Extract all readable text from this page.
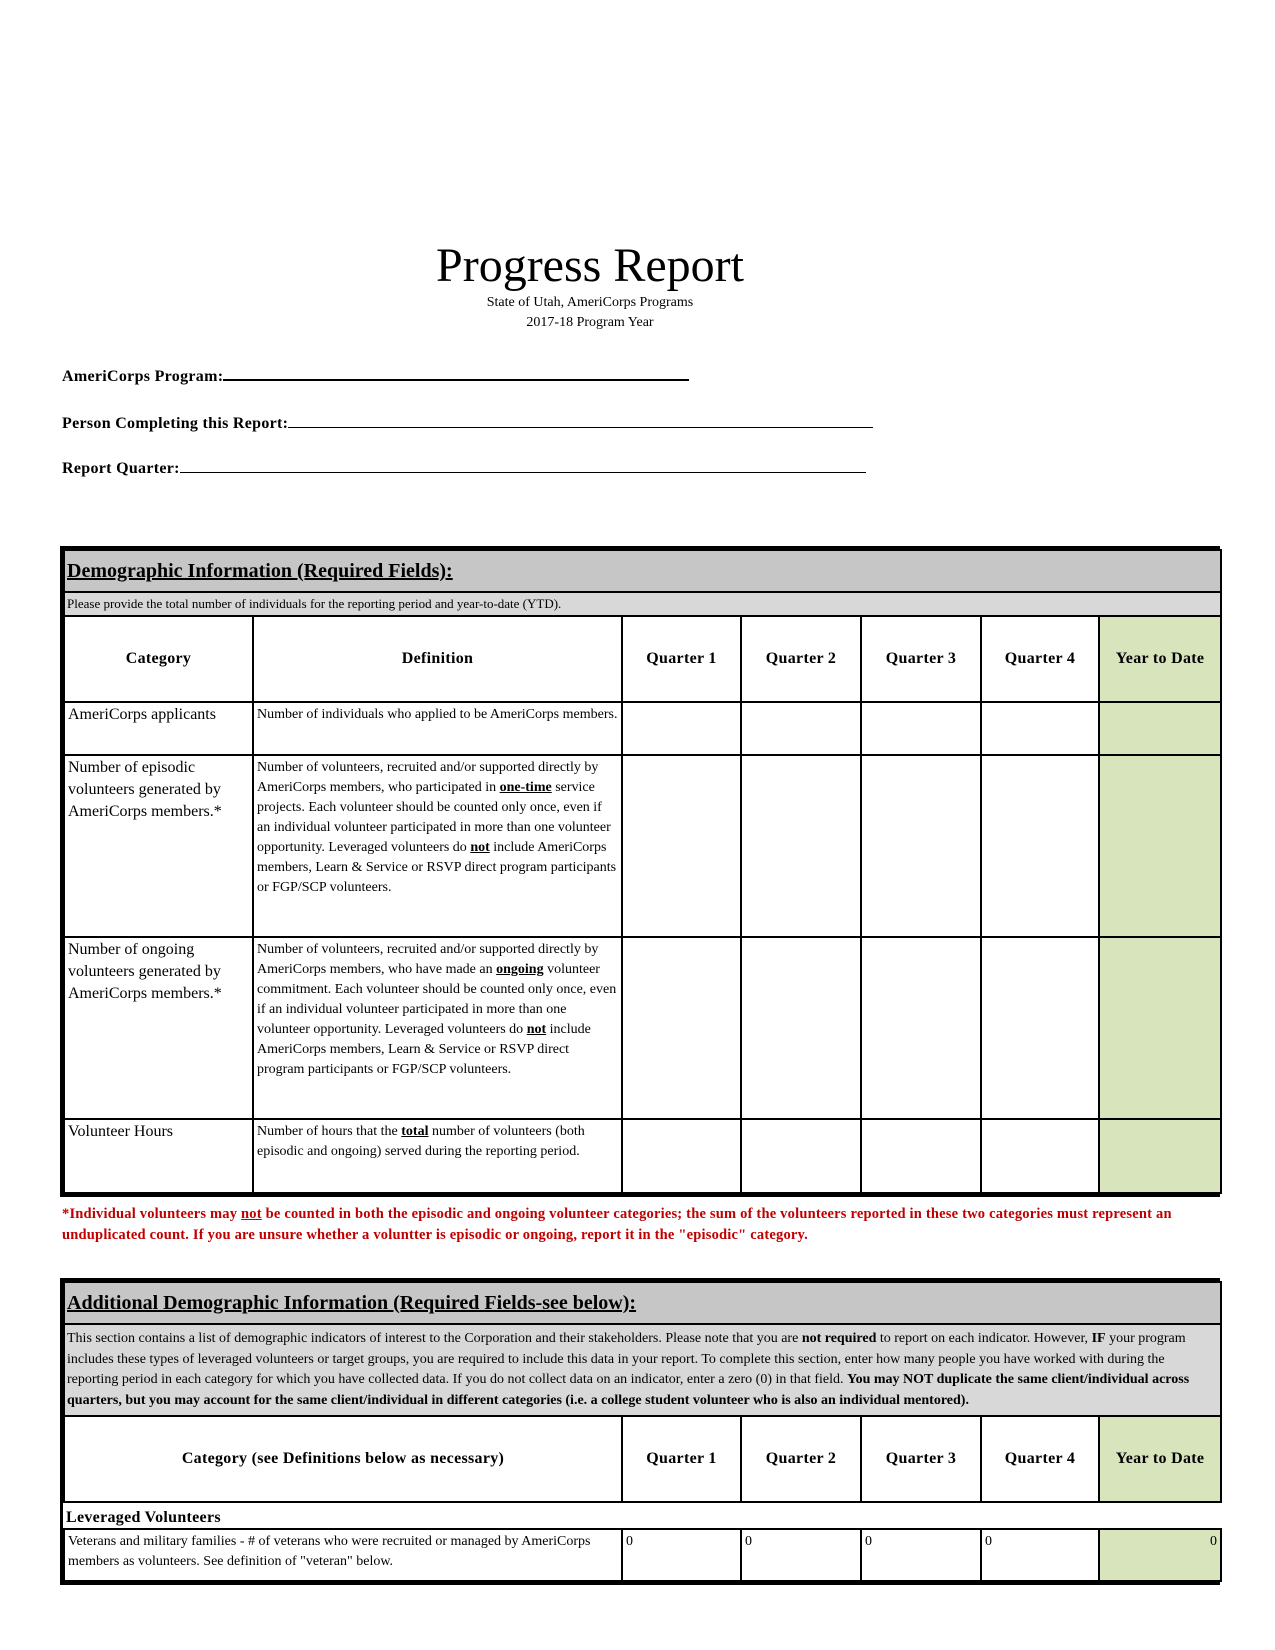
Progress Report
State of Utah, AmeriCorps Programs
2017-18 Program Year
AmeriCorps Program:
Person Completing this Report:
Report Quarter:
Demographic Information (Required Fields):						
Please provide the total number of individuals for the reporting period and year-to-date (YTD).						
Category	Definition	Quarter 1	Quarter 2	Quarter 3	Quarter 4	Year to Date
AmeriCorps applicants	Number of individuals who applied to be AmeriCorps members.					
Number of episodic volunteers generated by AmeriCorps members.*	Number of volunteers, recruited and/or supported directly by AmeriCorps members, who participated in one-time service projects. Each volunteer should be counted only once, even if an individual volunteer participated in more than one volunteer opportunity. Leveraged volunteers do not include AmeriCorps members, Learn & Service or RSVP direct program participants or FGP/SCP volunteers.					
Number of ongoing volunteers generated by AmeriCorps members.*	Number of volunteers, recruited and/or supported directly by AmeriCorps members, who have made an ongoing volunteer commitment. Each volunteer should be counted only once, even if an individual volunteer participated in more than one volunteer opportunity. Leveraged volunteers do not include AmeriCorps members, Learn & Service or RSVP direct program participants or FGP/SCP volunteers.					
Volunteer Hours	Number of hours that the total number of volunteers (both episodic and ongoing) served during the reporting period.					
*Individual volunteers may not be counted in both the episodic and ongoing volunteer categories; the sum of the volunteers reported in these two categories must represent an unduplicated count. If you are unsure whether a voluntter is episodic or ongoing, report it in the "episodic" category.
Additional Demographic Information (Required Fields-see below):					
This section contains a list of demographic indicators of interest to the Corporation and their stakeholders. Please note that you are not required to report on each indicator. However, IF your program includes these types of leveraged volunteers or target groups, you are required to include this data in your report. To complete this section, enter how many people you have worked with during the reporting period in each category for which you have collected data. If you do not collect data on an indicator, enter a zero (0) in that field. You may NOT duplicate the same client/individual across quarters, but you may account for the same client/individual in different categories (i.e. a college student volunteer who is also an individual mentored).					
Category (see Definitions below as necessary)	Quarter 1	Quarter 2	Quarter 3	Quarter 4	Year to Date
Leveraged Volunteers					
Veterans and military families - # of veterans who were recruited or managed by AmeriCorps members as volunteers. See definition of "veteran" below.	0	0	0	0	0
